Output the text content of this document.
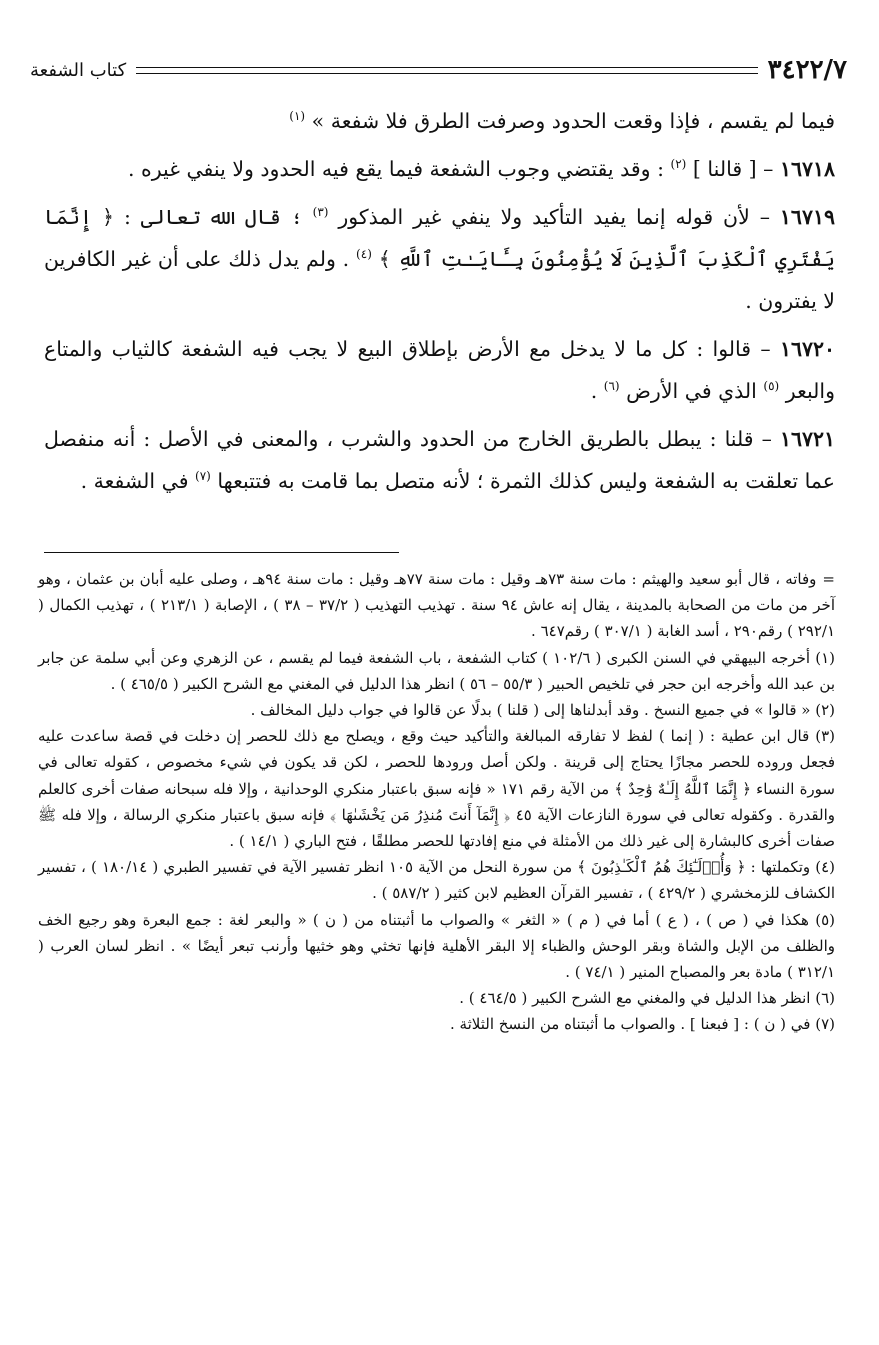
٣٤٢٢/٧
كتاب الشفعة

فيما لم يقسم ، فإذا وقعت الحدود وصرفت الطرق فلا شفعة » $^{(١)}$

١٦٧١٨ – [ قالنا ] $^{(٢)}$ : وقد يقتضي وجوب الشفعة فيما يقع فيه الحدود ولا ينفي غيره .

١٦٧١٩ – لأن قوله إنما يفيد التأكيد ولا ينفي غير المذكور $^{(٣)}$ ؛ قال الله تعالى : ﴿ إِنَّمَا يَفْتَرِي ٱلْكَذِبَ ٱلَّذِينَ لَا يُؤْمِنُونَ بِـَٔايَـٰتِ ٱللَّهِ ﴾ $^{(٤)}$ . ولم يدل ذلك على أن غير الكافرين لا يفترون .

١٦٧٢٠ – قالوا : كل ما لا يدخل مع الأرض بإطلاق البيع لا يجب فيه الشفعة كالثياب والمتاع والبعر $^{(٥)}$ الذي في الأرض $^{(٦)}$ .

١٦٧٢١ – قلنا : يبطل بالطريق الخارج من الحدود والشرب ، والمعنى في الأصل : أنه منفصل عما تعلقت به الشفعة وليس كذلك الثمرة ؛ لأنه متصل بما قامت به فتتبعها $^{(٧)}$ في الشفعة .

=وفاته ، قال أبو سعيد والهيثم : مات سنة ٧٣هـ وقيل : مات سنة ٧٧هـ وقيل : مات سنة ٩٤هـ ، وصلى عليه أبان بن عثمان ، وهو آخر من مات من الصحابة بالمدينة ، يقال إنه عاش ٩٤ سنة . تهذيب التهذيب ( ٣٧/٢ – ٣٨ ) ، الإصابة ( ٢١٣/١ ) ، تهذيب الكمال ( ٢٩٢/١ ) رقم٢٩٠ ، أسد الغابة ( ٣٠٧/١ ) رقم٦٤٧ .

(١) أخرجه البيهقي في السنن الكبرى ( ١٠٢/٦ ) كتاب الشفعة ، باب الشفعة فيما لم يقسم ، عن الزهري وعن أبي سلمة عن جابر بن عبد الله وأخرجه ابن حجر في تلخيص الحبير ( ٥٥/٣ – ٥٦ ) انظر هذا الدليل في المغني مع الشرح الكبير ( ٤٦٥/٥ ) .

(٢) « قالوا » في جميع النسخ . وقد أبدلناها إلى ( قلنا ) بدلًا عن قالوا في جواب دليل المخالف .

(٣) قال ابن عطية : ( إنما ) لفظ لا تفارقه المبالغة والتأكيد حيث وقع ، ويصلح مع ذلك للحصر إن دخلت في قصة ساعدت عليه فجعل وروده للحصر مجازًا يحتاج إلى قرينة . ولكن أصل ورودها للحصر ، لكن قد يكون في شيء مخصوص ، كقوله تعالى في سورة النساء ﴿ إِنَّمَا ٱللَّهُ إِلَـٰهٌ وَٰحِدٌ ﴾ من الآية رقم ١٧١ « فإنه سبق باعتبار منكري الوحدانية ، وإلا فله سبحانه صفات أخرى كالعلم والقدرة . وكقوله تعالى في سورة النازعات الآية ٤٥ ﴿ إِنَّمَآ أَنتَ مُنذِرُ مَن يَخْشَىٰهَا ﴾ فإنه سبق باعتبار منكري الرسالة ، وإلا فله ﷺ صفات أخرى كالبشارة إلى غير ذلك من الأمثلة في منع إفادتها للحصر مطلقًا ، فتح الباري ( ١٤/١ ) .

(٤) وتكملتها : ﴿ وَأُو۟لَـٰٓئِكَ هُمُ ٱلْكَـٰذِبُونَ ﴾ من سورة النحل من الآية ١٠٥ انظر تفسير الآية في تفسير الطبري ( ١٨٠/١٤ ) ، تفسير الكشاف للزمخشري ( ٤٢٩/٢ ) ، تفسير القرآن العظيم لابن كثير ( ٥٨٧/٢ ) .

(٥) هكذا في ( ص ) ، ( ع ) أما في ( م ) « الثغر » والصواب ما أثبتناه من ( ن ) « والبعر لغة : جمع البعرة وهو رجيع الخف والظلف من الإبل والشاة وبقر الوحش والظباء إلا البقر الأهلية فإنها تخثي وهو خثيها وأرنب تبعر أيضًا » . انظر لسان العرب ( ٣١٢/١ ) مادة بعر والمصباح المنير ( ٧٤/١ ) .

(٦) انظر هذا الدليل في والمغني مع الشرح الكبير ( ٤٦٤/٥ ) .

(٧) في ( ن ) : [ فبعنا ] . والصواب ما أثبتناه من النسخ الثلاثة .
